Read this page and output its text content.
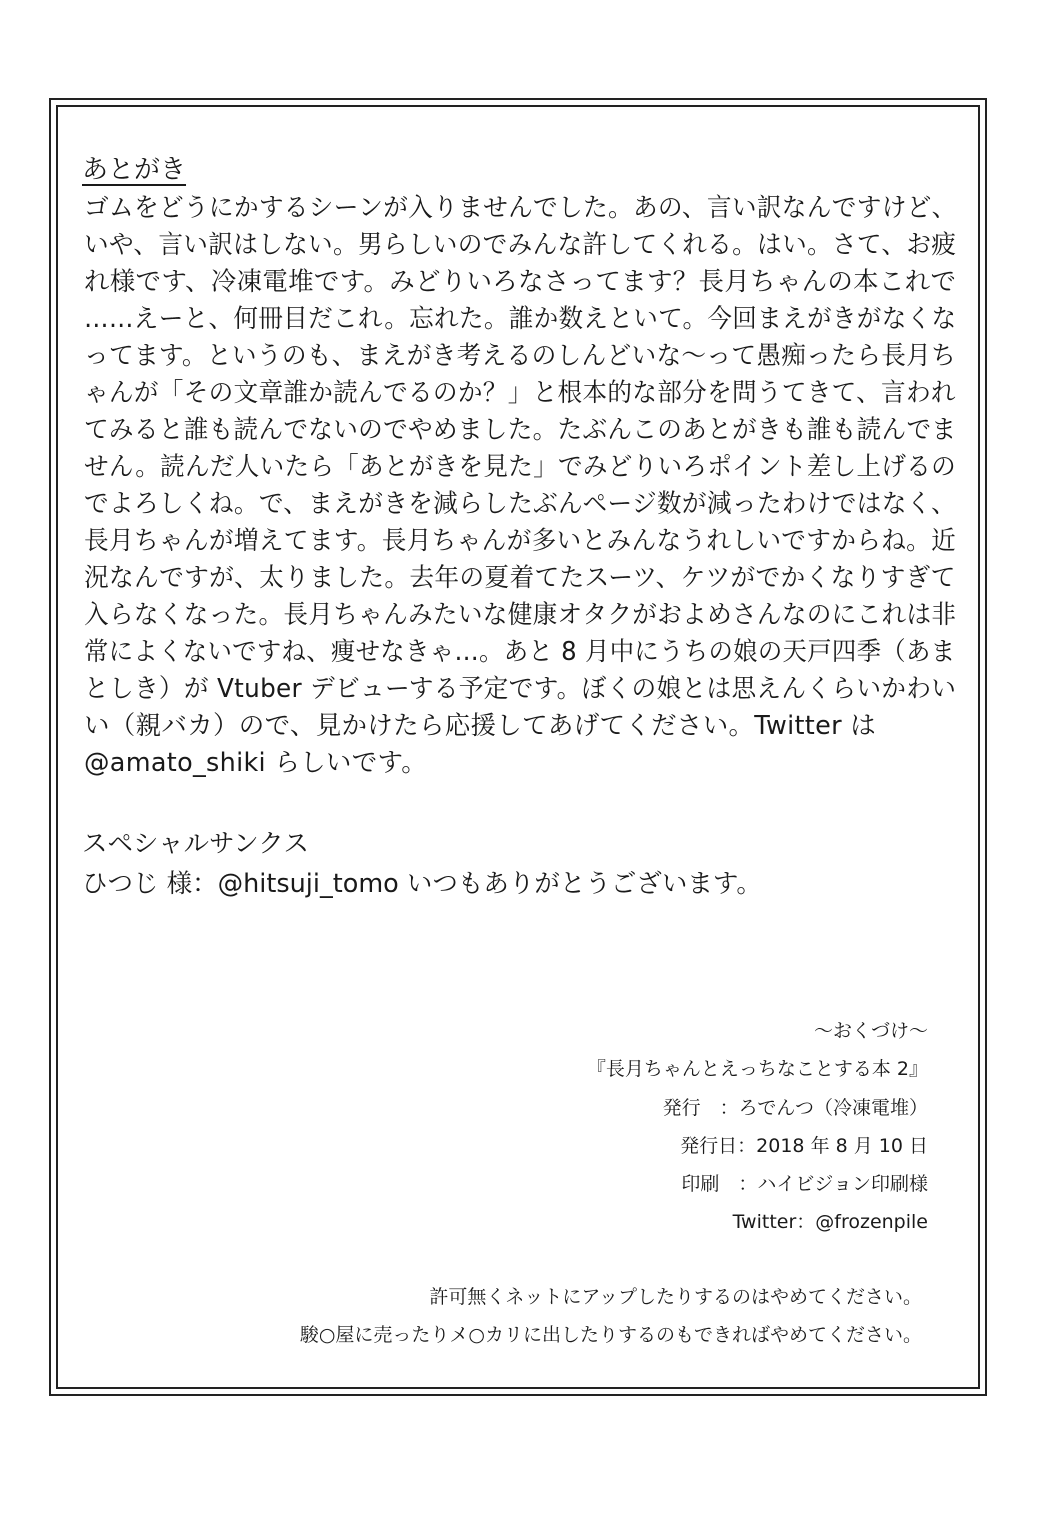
あとがき
ゴムをどうにかするシーンが入りませんでした。あの、言い訳なんですけど、
いや、言い訳はしない。男らしいのでみんな許してくれる。はい。さて、お疲
れ様です、冷凍電堆です。みどりいろなさってます？長月ちゃんの本これで
……えーと、何冊目だこれ。忘れた。誰か数えといて。今回まえがきがなくな
ってます。というのも、まえがき考えるのしんどいな～って愚痴ったら長月ち
ゃんが「その文章誰か読んでるのか？」と根本的な部分を問うてきて、言われ
てみると誰も読んでないのでやめました。たぶんこのあとがきも誰も読んでま
せん。読んだ人いたら「あとがきを見た」でみどりいろポイント差し上げるの
でよろしくね。で、まえがきを減らしたぶんページ数が減ったわけではなく、
長月ちゃんが増えてます。長月ちゃんが多いとみんなうれしいですからね。近
況なんですが、太りました。去年の夏着てたスーツ、ケツがでかくなりすぎて
入らなくなった。長月ちゃんみたいな健康オタクがおよめさんなのにこれは非
常によくないですね、痩せなきゃ…。あと 8 月中にうちの娘の天戸四季（あま
としき）が Vtuber デビューする予定です。ぼくの娘とは思えんくらいかわい
い（親バカ）ので、見かけたら応援してあげてください。Twitter は
@amato_shiki らしいです。
スペシャルサンクス
ひつじ 様：@hitsuji_tomo いつもありがとうございます。
～おくづけ～
『長月ちゃんとえっちなことする本 2』
発行　：ろでんつ（冷凍電堆）
発行日：2018 年 8 月 10 日
印刷　：ハイビジョン印刷様
Twitter：@frozenpile
許可無くネットにアップしたりするのはやめてください。
駿○屋に売ったりメ○カリに出したりするのもできればやめてください。
